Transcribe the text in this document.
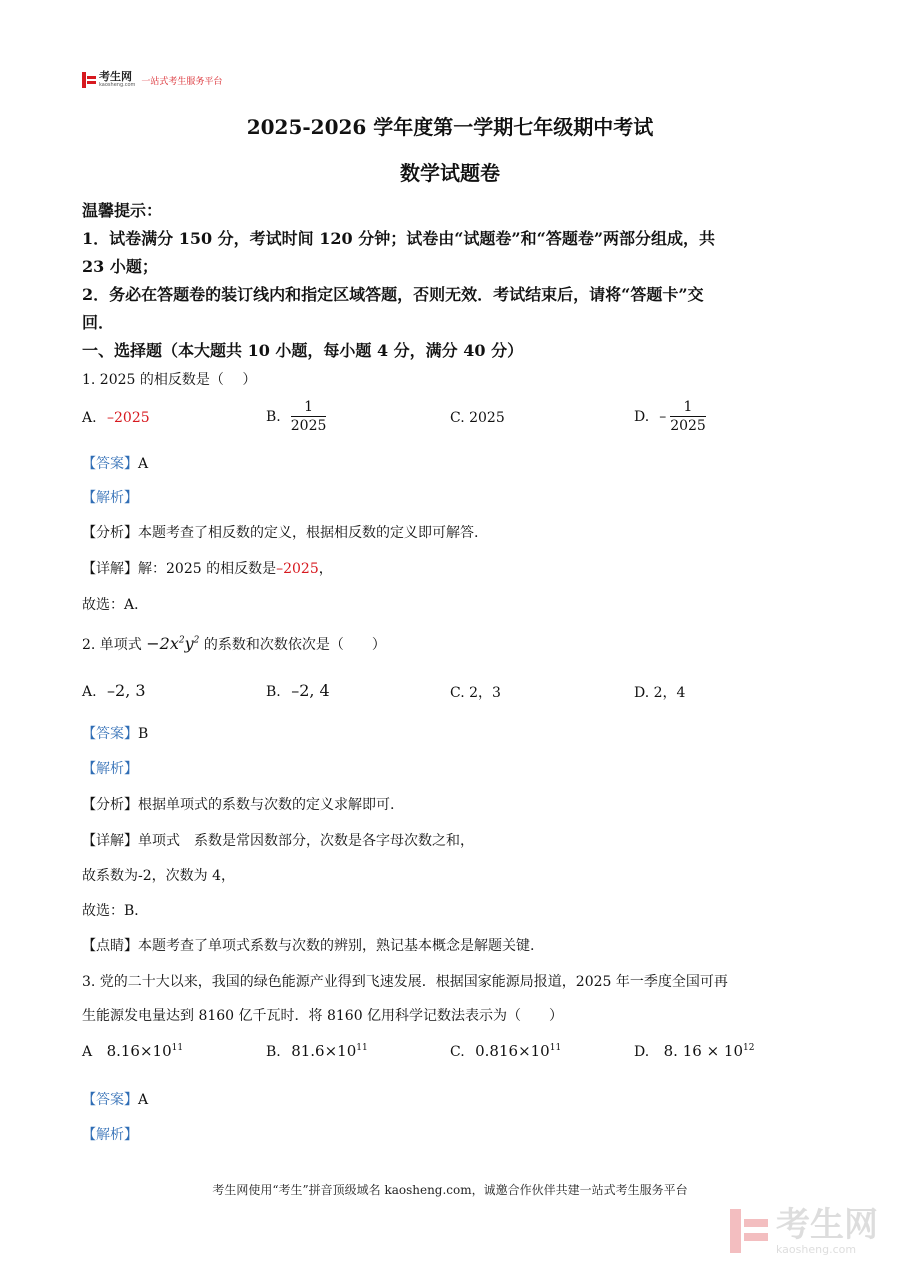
考生网
kaosheng.com 一站式考生服务平台
2025-2026 学年度第一学期七年级期中考试
数学试题卷
温馨提示：
1．试卷满分 150 分，考试时间 120 分钟；试卷由“试题卷”和“答题卷”两部分组成，共
23 小题；
2．务必在答题卷的装订线内和指定区域答题，否则无效．考试结束后，请将“答题卡”交
回．
一、选择题（本大题共 10 小题，每小题 4 分，满分 40 分）
1. 2025 的相反数是（　 ）
A. –2025	B. $\frac{1}{2025}$	C. 2025	D. – $\frac{1}{2025}$
【答案】A
【解析】
【分析】本题考查了相反数的定义，根据相反数的定义即可解答.
【详解】解：2025 的相反数是–2025，
故选：A．
2. 单项式 $-2x^2y^2$ 的系数和次数依次是（　　）
A. –2, 3	B. –2, 4	C. 2，3	D. 2，4
【答案】B
【解析】
【分析】根据单项式的系数与次数的定义求解即可.
【详解】单项式　系数是常因数部分，次数是各字母次数之和，
故系数为-2，次数为 4，
故选：B．
【点睛】本题考查了单项式系数与次数的辨别，熟记基本概念是解题关键.
3. 党的二十大以来，我国的绿色能源产业得到飞速发展．根据国家能源局报道，2025 年一季度全国可再
生能源发电量达到 8160 亿千瓦时．将 8160 亿用科学记数法表示为（　　）
A $8.16\times 10^{11}$	B. $81.6\times 10^{11}$	C. $0.816\times 10^{11}$	D. 8. $16 \times 10^{12}$
【答案】A
【解析】
考生网使用“考生”拼音顶级域名 kaosheng.com，诚邀合作伙伴共建一站式考生服务平台
考生网
kaosheng.com
